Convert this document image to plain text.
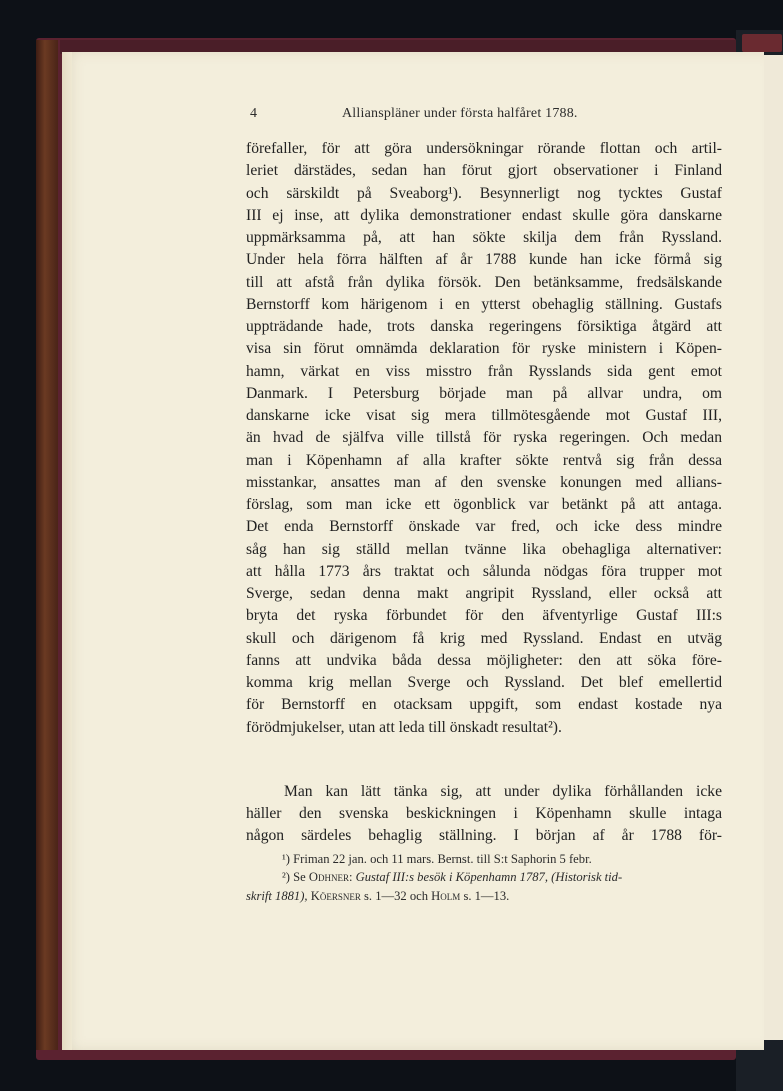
4	Allianspläner under första halfåret 1788.
förefaller, för att göra undersökningar rörande flottan och artil-
leriet därstädes, sedan han förut gjort observationer i Finland
och särskildt på Sveaborg¹). Besynnerligt nog tycktes Gustaf
III ej inse, att dylika demonstrationer endast skulle göra danskarne
uppmärksamma på, att han sökte skilja dem från Ryssland.
Under hela förra hälften af år 1788 kunde han icke förmå sig
till att afstå från dylika försök. Den betänksamme, fredsälskande
Bernstorff kom härigenom i en ytterst obehaglig ställning. Gustafs
uppträdande hade, trots danska regeringens försiktiga åtgärd att
visa sin förut omnämda deklaration för ryske ministern i Köpen-
hamn, värkat en viss misstro från Rysslands sida gent emot
Danmark. I Petersburg började man på allvar undra, om
danskarne icke visat sig mera tillmötesgående mot Gustaf III,
än hvad de själfva ville tillstå för ryska regeringen. Och medan
man i Köpenhamn af alla krafter sökte rentvå sig från dessa
misstankar, ansattes man af den svenske konungen med allians-
förslag, som man icke ett ögonblick var betänkt på att antaga.
Det enda Bernstorff önskade var fred, och icke dess mindre
såg han sig ställd mellan tvänne lika obehagliga alternativer:
att hålla 1773 års traktat och sålunda nödgas föra trupper mot
Sverge, sedan denna makt angripit Ryssland, eller också att
bryta det ryska förbundet för den äfventyrlige Gustaf III:s
skull och därigenom få krig med Ryssland. Endast en utväg
fanns att undvika båda dessa möjligheter: den att söka före-
komma krig mellan Sverge och Ryssland. Det blef emellertid
för Bernstorff en otacksam uppgift, som endast kostade nya
förödmjukelser, utan att leda till önskadt resultat²).
Man kan lätt tänka sig, att under dylika förhållanden icke
häller den svenska beskickningen i Köpenhamn skulle intaga
någon särdeles behaglig ställning. I början af år 1788 för-
¹) Friman 22 jan. och 11 mars. Bernst. till S:t Saphorin 5 febr.
²) Se Odhner: Gustaf III:s besök i Köpenhamn 1787, (Historisk tid-
skrift 1881), Köersner s. 1—32 och Holm s. 1—13.
